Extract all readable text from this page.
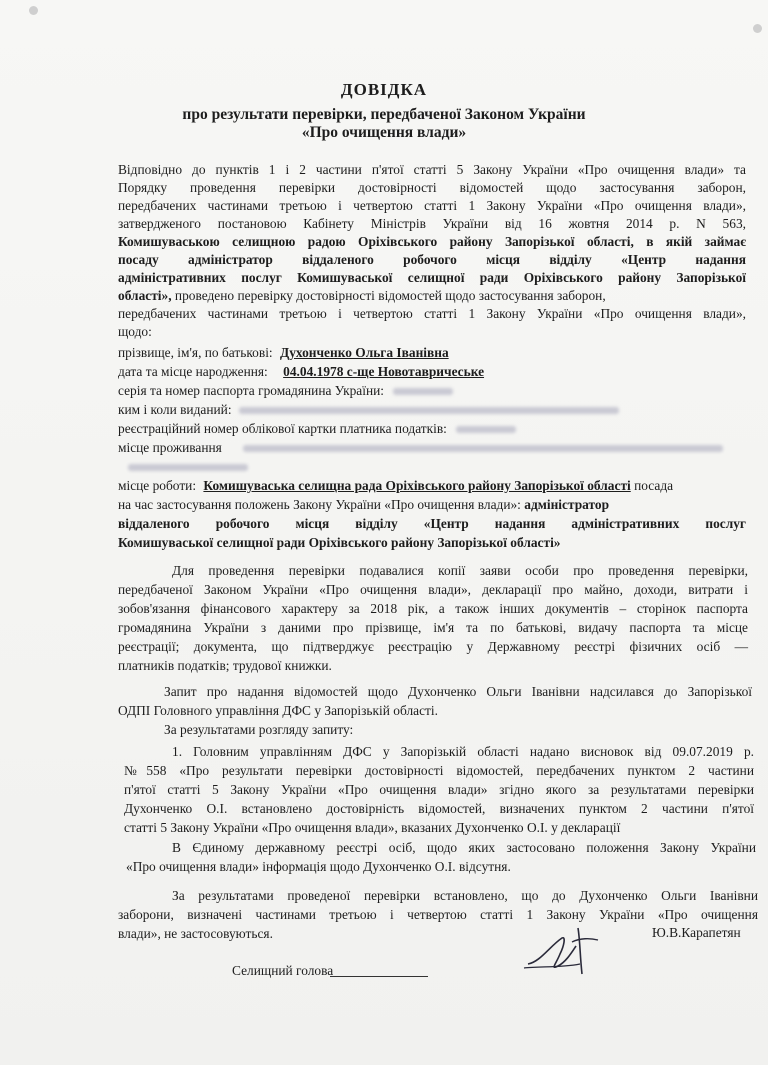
ДОВІДКА
про результати перевірки, передбаченої Законом України
«Про очищення влади»
Відповідно до пунктів 1 і 2 частини п'ятої статті 5 Закону України «Про очищення влади» та
Порядку проведення перевірки достовірності відомостей щодо застосування заборон,
передбачених частинами третьою і четвертою статті 1 Закону України «Про очищення влади»,
затвердженого постановою Кабінету Міністрів України від 16 жовтня 2014 р. N 563,
Комишуваською селищною радою Оріхівського району Запорізької області, в якій займає
посаду адміністратор віддаленого робочого місця відділу «Центр надання
адміністративних послуг Комишуваської селищної ради Оріхівського району Запорізької
області», проведено перевірку достовірності відомостей щодо застосування заборон,
передбачених частинами третьою і четвертою статті 1 Закону України «Про очищення влади»,
щодо:
прізвище, ім'я, по батькові: Духонченко Ольга Іванівна
дата та місце народження: 04.04.1978 с-ще Новотавричеське
серія та номер паспорта громадянина України:
ким і коли виданий:
реєстраційний номер облікової картки платника податків:
місце проживання
місце роботи: Комишуваська селищна рада Оріхівського району Запорізької області посада
на час застосування положень Закону України «Про очищення влади»: адміністратор
віддаленого робочого місця відділу «Центр надання адміністративних послуг
Комишуваської селищної ради Оріхівського району Запорізької області»
Для проведення перевірки подавалися копії заяви особи про проведення перевірки,
передбаченої Законом України «Про очищення влади», декларації про майно, доходи, витрати і
зобов'язання фінансового характеру за 2018 рік, а також інших документів – сторінок паспорта
громадянина України з даними про прізвище, ім'я та по батькові, видачу паспорта та місце
реєстрації; документа, що підтверджує реєстрацію у Державному реєстрі фізичних осіб —
платників податків; трудової книжки.
Запит про надання відомостей щодо Духонченко Ольги Іванівни надсилався до Запорізької
ОДПІ Головного управління ДФС у Запорізькій області.
За результатами розгляду запиту:
1. Головним управлінням ДФС у Запорізькій області надано висновок від 09.07.2019 р.
№558 «Про результати перевірки достовірності відомостей, передбачених пунктом 2 частини
п'ятої статті 5 Закону України «Про очищення влади» згідно якого за результатами перевірки
Духонченко О.І. встановлено достовірність відомостей, визначених пунктом 2 частини п'ятої
статті 5 Закону України «Про очищення влади», вказаних Духонченко О.І. у декларації
В Єдиному державному реєстрі осіб, щодо яких застосовано положення Закону України
«Про очищення влади» інформація щодо Духонченко О.І. відсутня.
За результатами проведеної перевірки встановлено, що до Духонченко Ольги Іванівни
заборони, визначені частинами третьою і четвертою статті 1 Закону України «Про очищення
влади», не застосовуються.
Селищний голова
Ю.В.Карапетян
